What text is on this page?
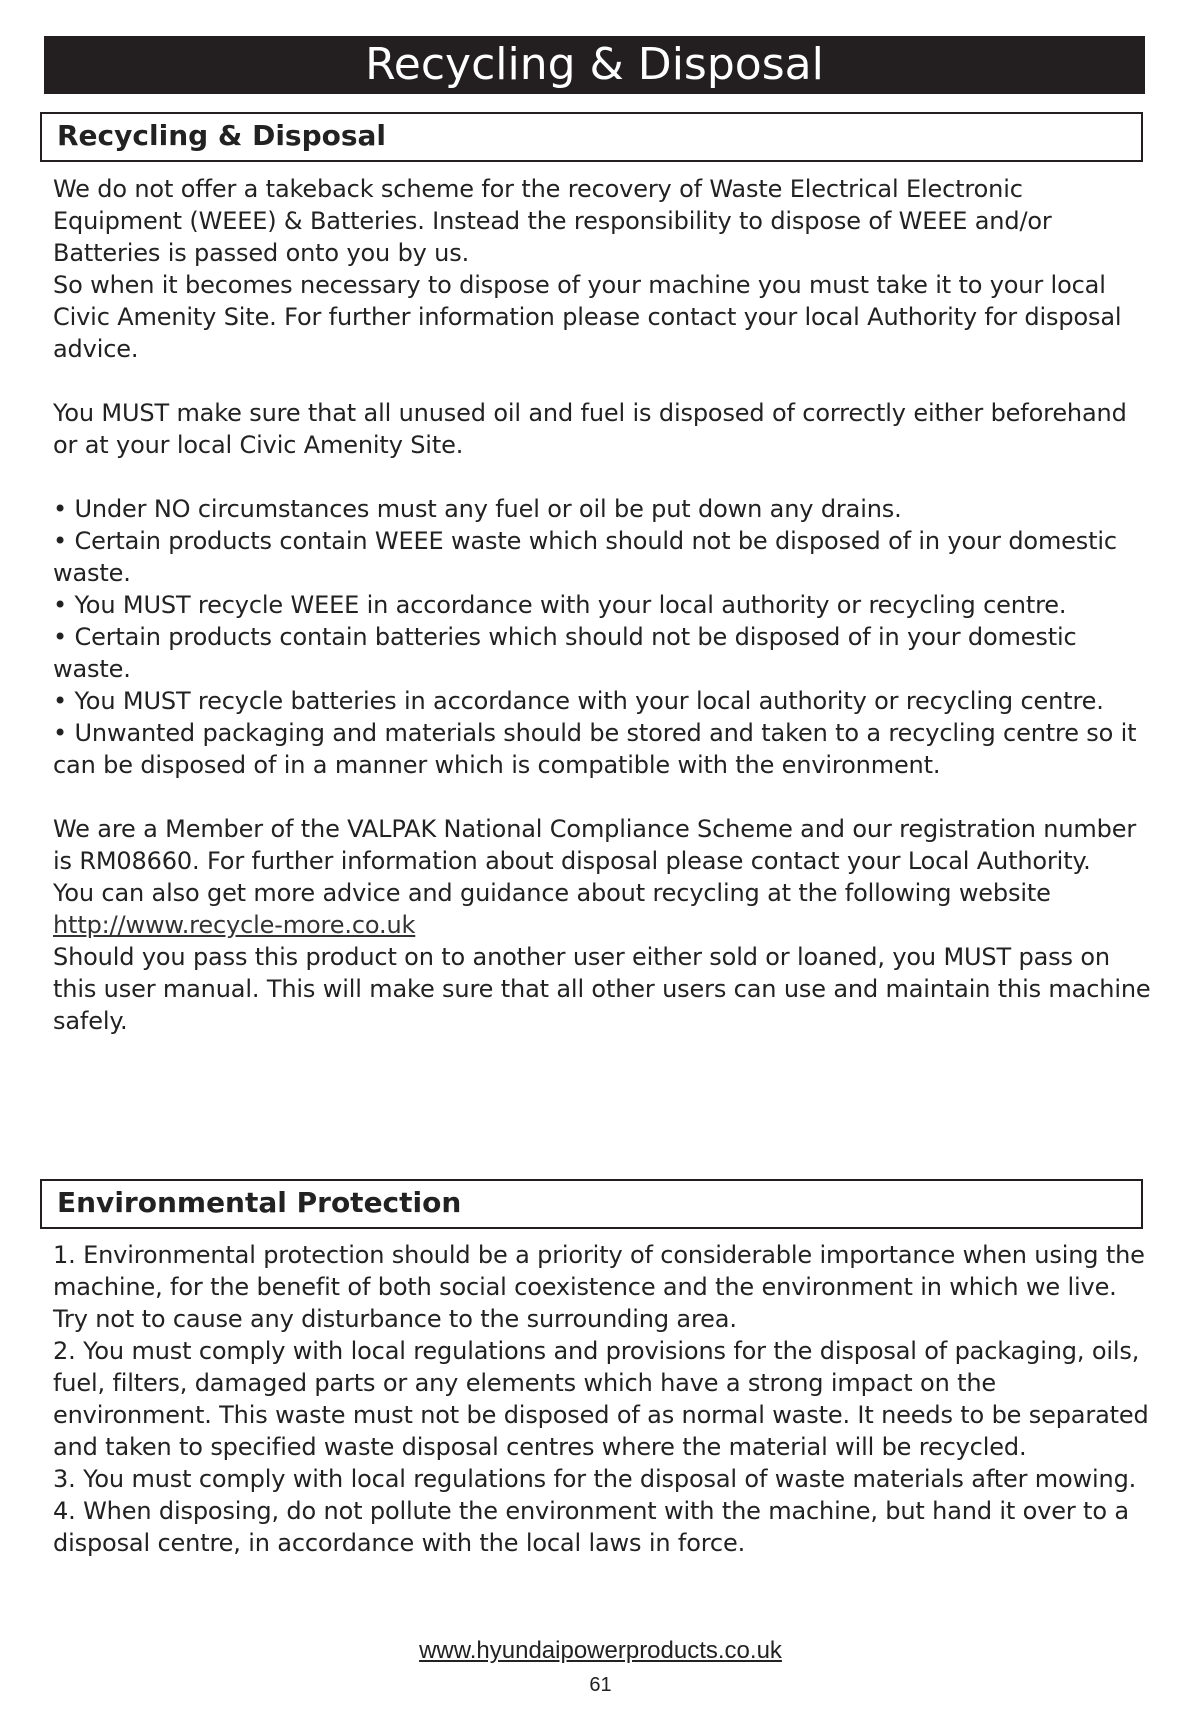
Recycling & Disposal
Recycling & Disposal

We do not offer a takeback scheme for the recovery of Waste Electrical Electronic Equipment (WEEE) & Batteries. Instead the responsibility to dispose of WEEE and/or Batteries is passed onto you by us.

So when it becomes necessary to dispose of your machine you must take it to your local Civic Amenity Site. For further information please contact your local Authority for disposal advice.

You MUST make sure that all unused oil and fuel is disposed of correctly either beforehand or at your local Civic Amenity Site.

• Under NO circumstances must any fuel or oil be put down any drains.

• Certain products contain WEEE waste which should not be disposed of in your domestic waste.

• You MUST recycle WEEE in accordance with your local authority or recycling centre.

• Certain products contain batteries which should not be disposed of in your domestic waste.

• You MUST recycle batteries in accordance with your local authority or recycling centre.

• Unwanted packaging and materials should be stored and taken to a recycling centre so it can be disposed of in a manner which is compatible with the environment.

We are a Member of the VALPAK National Compliance Scheme and our registration number is RM08660. For further information about disposal please contact your Local Authority.

You can also get more advice and guidance about recycling at the following website http://www.recycle-more.co.uk

Should you pass this product on to another user either sold or loaned, you MUST pass on this user manual. This will make sure that all other users can use and maintain this machine safely.

Environmental Protection

1. Environmental protection should be a priority of considerable importance when using the machine, for the benefit of both social coexistence and the environment in which we live. Try not to cause any disturbance to the surrounding area.

2. You must comply with local regulations and provisions for the disposal of packaging, oils, fuel, filters, damaged parts or any elements which have a strong impact on the environment. This waste must not be disposed of as normal waste. It needs to be separated and taken to specified waste disposal centres where the material will be recycled.

3. You must comply with local regulations for the disposal of waste materials after mowing.

4. When disposing, do not pollute the environment with the machine, but hand it over to a disposal centre, in accordance with the local laws in force.

www.hyundaipowerproducts.co.uk
61
